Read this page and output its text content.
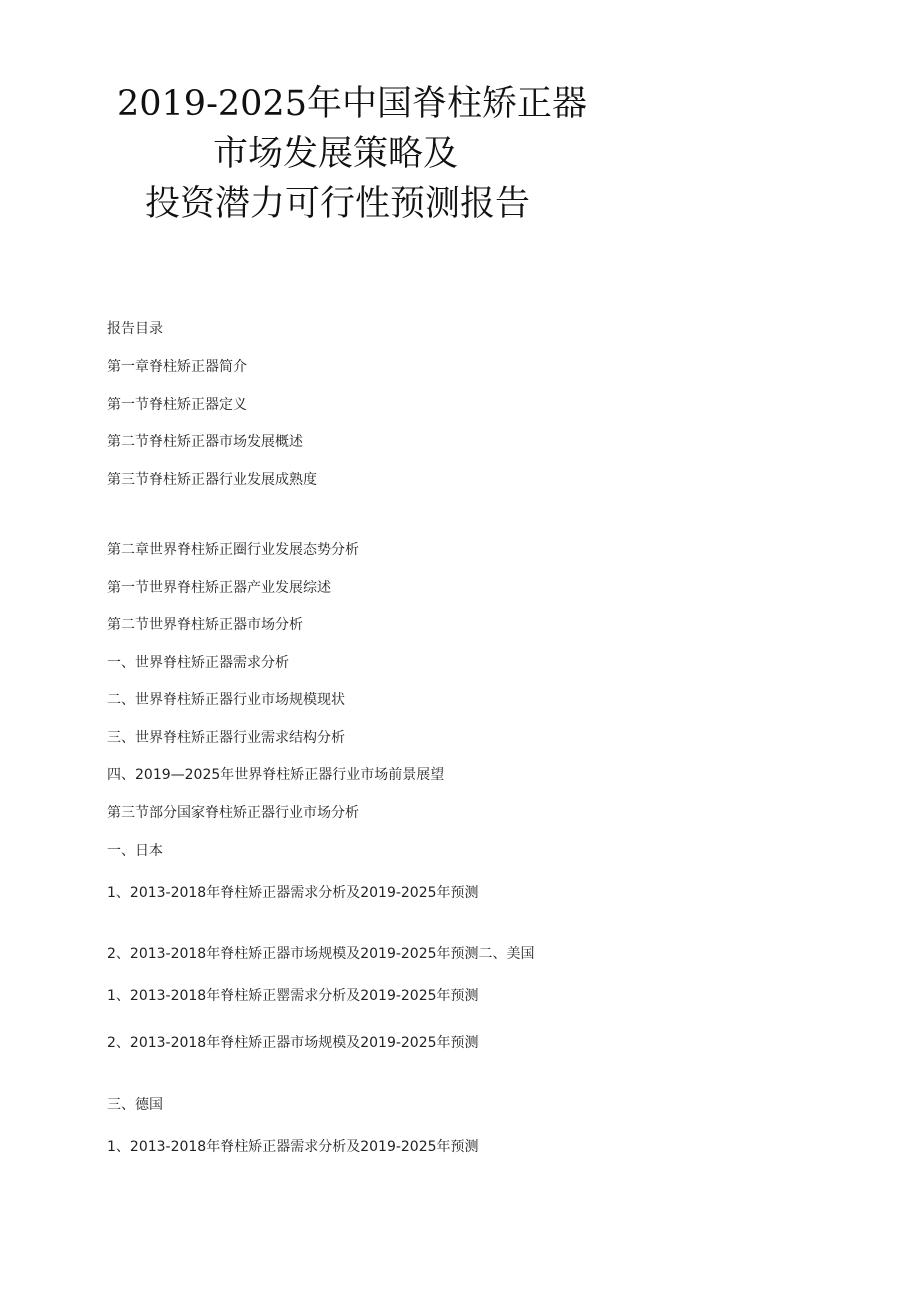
2019-2025年中国脊柱矫正器
市场发展策略及
投资潜力可行性预测报告
报告目录
第一章脊柱矫正器简介
第一节脊柱矫正器定义
第二节脊柱矫正器市场发展概述
第三节脊柱矫正器行业发展成熟度
第二章世界脊柱矫正圈行业发展态势分析
第一节世界脊柱矫正器产业发展综述
第二节世界脊柱矫正器市场分析
一、世界脊柱矫正器需求分析
二、世界脊柱矫正器行业市场规模现状
三、世界脊柱矫正器行业需求结构分析
四、2019—2025年世界脊柱矫正器行业市场前景展望
第三节部分国家脊柱矫正器行业市场分析
一、日本
1、2013-2018年脊柱矫正器需求分析及2019-2025年预测
2、2013-2018年脊柱矫正器市场规模及2019-2025年预测二、美国
1、2013-2018年脊柱矫正罂需求分析及2019-2025年预测
2、2013-2018年脊柱矫正器市场规模及2019-2025年预测
三、德国
1、2013-2018年脊柱矫正器需求分析及2019-2025年预测
